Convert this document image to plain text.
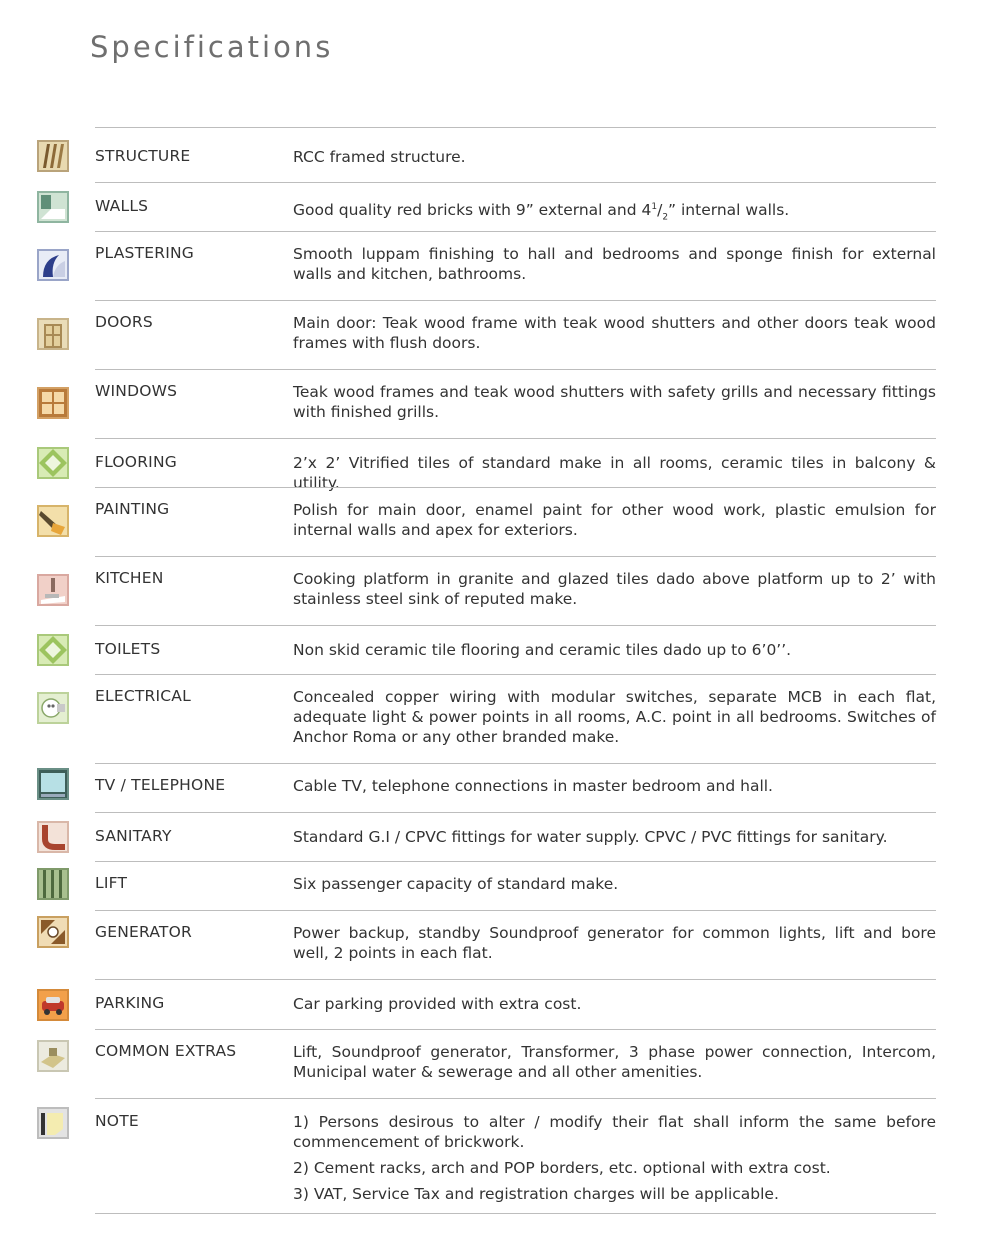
Specifications
STRUCTURE	RCC framed structure.

WALLS	Good quality red bricks with 9” external and $4^1/_2$” internal walls.

PLASTERING	Smooth luppam finishing to hall and bedrooms and sponge finish for external walls and kitchen, bathrooms.

DOORS	Main door: Teak wood frame with teak wood shutters and other doors teak wood frames with flush doors.

WINDOWS	Teak wood frames and teak wood shutters with safety grills and necessary fittings with finished grills.

FLOORING	2’x 2’ Vitrified tiles of standard make in all rooms, ceramic tiles in balcony & utility.

PAINTING	Polish for main door, enamel paint for other wood work, plastic emulsion for internal walls and apex for exteriors.

KITCHEN	Cooking platform in granite and glazed tiles dado above platform up to 2’ with stainless steel sink of reputed make.

TOILETS	Non skid ceramic tile flooring and ceramic tiles dado up to 6’0’’.

ELECTRICAL	Concealed copper wiring with modular switches, separate MCB in each flat, adequate light & power points in all rooms, A.C. point in all bedrooms. Switches of Anchor Roma or any other branded make.

TV / TELEPHONE	Cable TV, telephone connections in master bedroom and hall.

SANITARY	Standard G.I / CPVC fittings for water supply. CPVC / PVC fittings for sanitary.

LIFT	Six passenger capacity of standard make.

GENERATOR	Power backup, standby Soundproof generator for common lights, lift and bore well, 2 points in each flat.

PARKING	Car parking provided with extra cost.

COMMON EXTRAS	Lift, Soundproof generator, Transformer, 3 phase power connection, Intercom, Municipal water & sewerage and all other amenities.

NOTE	1) Persons desirous to alter / modify their flat shall inform the same before commencement of brickwork.

2) Cement racks, arch and POP borders, etc. optional with extra cost.

3) VAT, Service Tax and registration charges will be applicable.
